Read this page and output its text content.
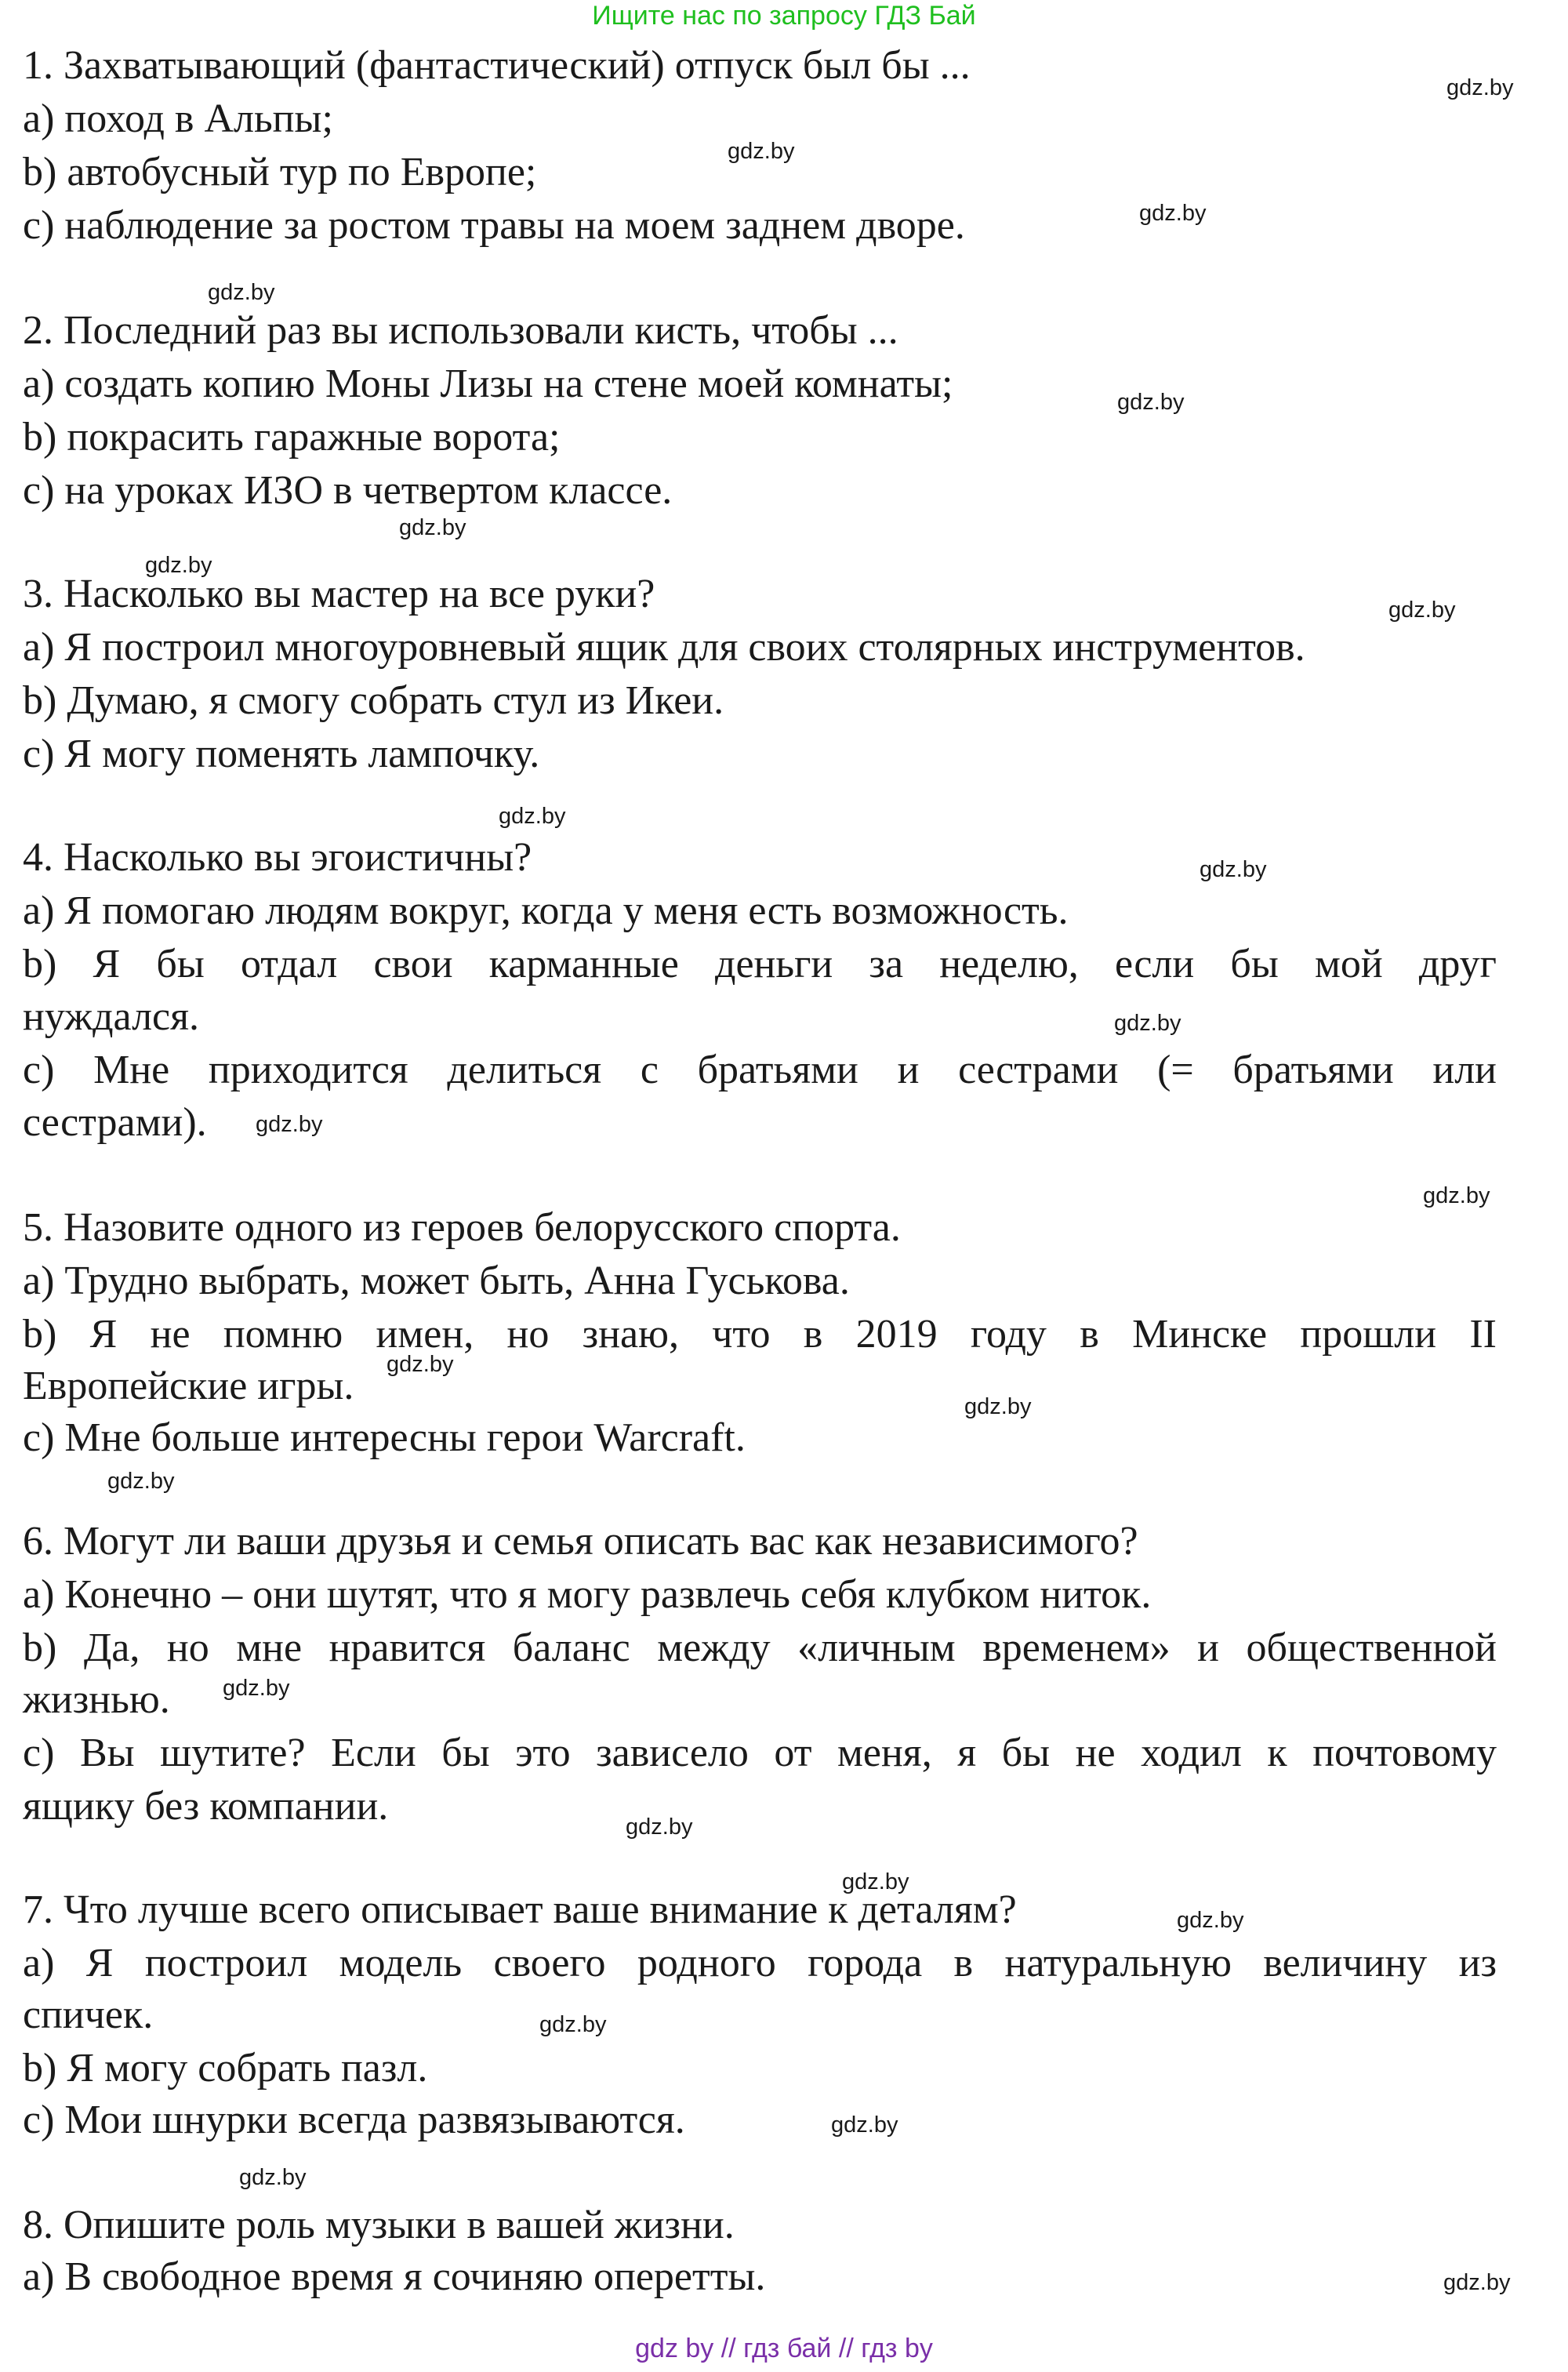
Ищите нас по запросу ГДЗ Бай
1. Захватывающий (фантастический) отпуск был бы ...
a) поход в Альпы;
b) автобусный тур по Европе;
c) наблюдение за ростом травы на моем заднем дворе.
2. Последний раз вы использовали кисть, чтобы ...
a) создать копию Моны Лизы на стене моей комнаты;
b) покрасить гаражные ворота;
c) на уроках ИЗО в четвертом классе.
3. Насколько вы мастер на все руки?
a) Я построил многоуровневый ящик для своих столярных инструментов.
b) Думаю, я смогу собрать стул из Икеи.
c) Я могу поменять лампочку.
4. Насколько вы эгоистичны?
a) Я помогаю людям вокруг, когда у меня есть возможность.
b) Я бы отдал свои карманные деньги за неделю, если бы мой друг
нуждался.
c) Мне приходится делиться с братьями и сестрами (= братьями или
сестрами).
5. Назовите одного из героев белорусского спорта.
a) Трудно выбрать, может быть, Анна Гуськова.
b) Я не помню имен, но знаю, что в 2019 году в Минске прошли II
Европейские игры.
c) Мне больше интересны герои Warcraft.
6. Могут ли ваши друзья и семья описать вас как независимого?
a) Конечно – они шутят, что я могу развлечь себя клубком ниток.
b) Да, но мне нравится баланс между «личным временем» и общественной
жизнью.
c) Вы шутите? Если бы это зависело от меня, я бы не ходил к почтовому
ящику без компании.
7. Что лучше всего описывает ваше внимание к деталям?
a) Я построил модель своего родного города в натуральную величину из
спичек.
b) Я могу собрать пазл.
c) Мои шнурки всегда развязываются.
8. Опишите роль музыки в вашей жизни.
a) В свободное время я сочиняю оперетты.
gdz.by
gdz.by
gdz.by
gdz.by
gdz.by
gdz.by
gdz.by
gdz.by
gdz.by
gdz.by
gdz.by
gdz.by
gdz.by
gdz.by
gdz.by
gdz.by
gdz.by
gdz.by
gdz.by
gdz.by
gdz.by
gdz.by
gdz.by
gdz.by
gdz by // гдз бай // гдз by
